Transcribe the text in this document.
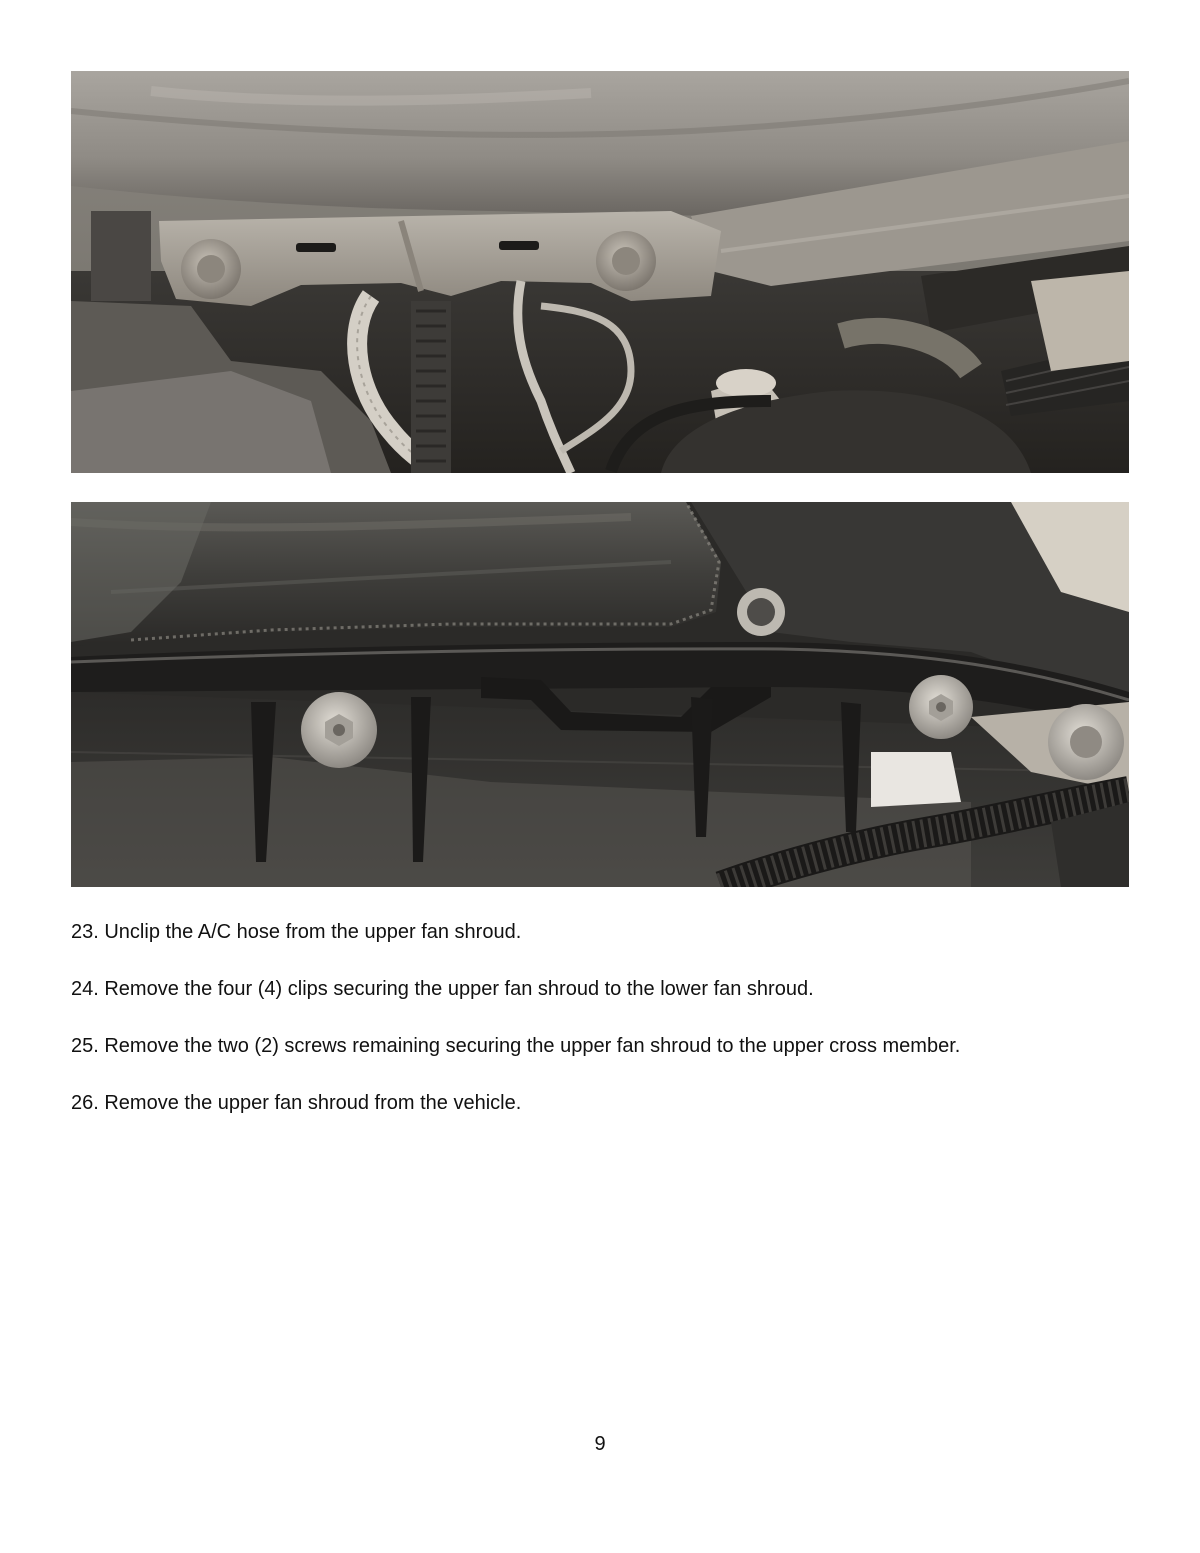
23. Unclip the A/C hose from the upper fan shroud.
24. Remove the four (4) clips securing the upper fan shroud to the lower fan shroud.
25. Remove the two (2) screws remaining securing the upper fan shroud to the upper cross member.
26. Remove the upper fan shroud from the vehicle.
9
